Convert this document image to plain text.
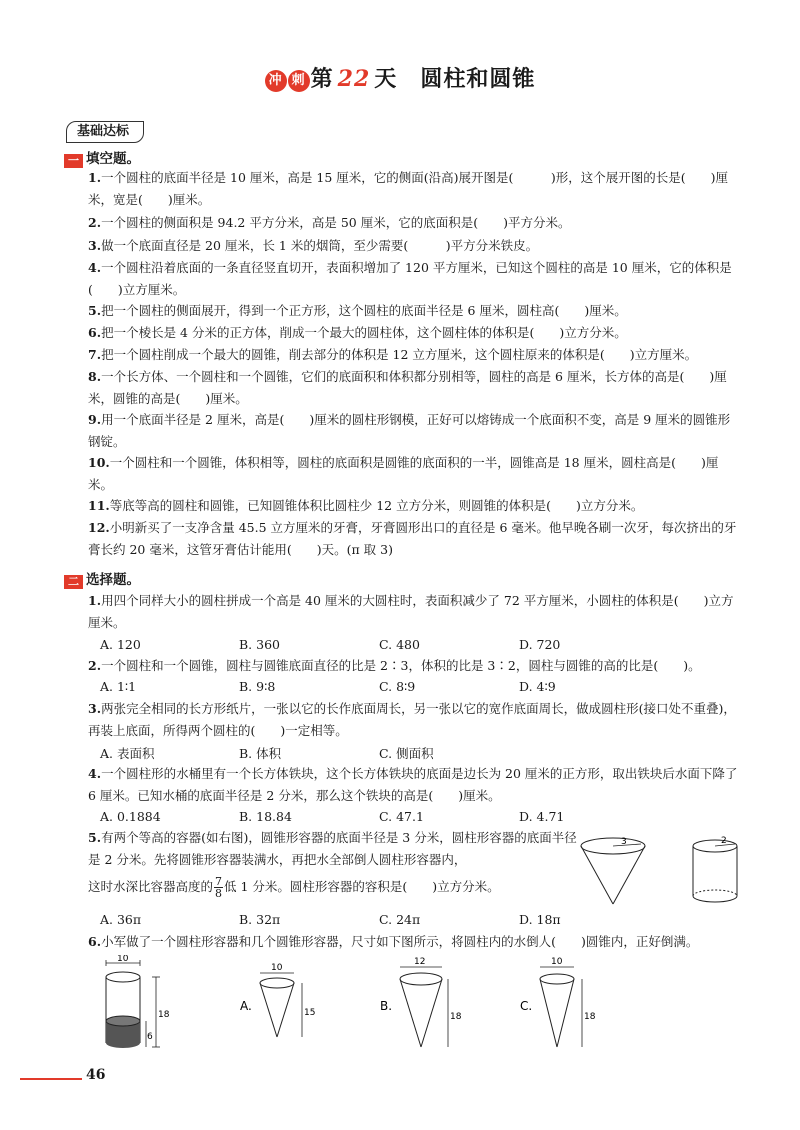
冲 刺 第 22 天　 圆柱和圆锥
基础达标
一 填空题。
1.一个圆柱的底面半径是 10 厘米，高是 15 厘米，它的侧面(沿高)展开图是(　　　)形，这个展开图的长是(　　)厘米，宽是(　　)厘米。
2.一个圆柱的侧面积是 94.2 平方分米，高是 50 厘米，它的底面积是(　　)平方分米。
3.做一个底面直径是 20 厘米，长 1 米的烟筒，至少需要(　　　)平方分米铁皮。
4.一个圆柱沿着底面的一条直径竖直切开，表面积增加了 120 平方厘米，已知这个圆柱的高是 10 厘米，它的体积是(　　)立方厘米。
5.把一个圆柱的侧面展开，得到一个正方形，这个圆柱的底面半径是 6 厘米，圆柱高(　　)厘米。
6.把一个棱长是 4 分米的正方体，削成一个最大的圆柱体，这个圆柱体的体积是(　　)立方分米。
7.把一个圆柱削成一个最大的圆锥，削去部分的体积是 12 立方厘米，这个圆柱原来的体积是(　　)立方厘米。
8.一个长方体、一个圆柱和一个圆锥，它们的底面积和体积都分别相等，圆柱的高是 6 厘米，长方体的高是(　　)厘米，圆锥的高是(　　)厘米。
9.用一个底面半径是 2 厘米，高是(　　)厘米的圆柱形钢模，正好可以熔铸成一个底面积不变，高是 9 厘米的圆锥形钢锭。
10.一个圆柱和一个圆锥，体积相等，圆柱的底面积是圆锥的底面积的一半，圆锥高是 18 厘米，圆柱高是(　　)厘米。
11.等底等高的圆柱和圆锥，已知圆锥体积比圆柱少 12 立方分米，则圆锥的体积是(　　)立方分米。
12.小明新买了一支净含量 45.5 立方厘米的牙膏，牙膏圆形出口的直径是 6 毫米。他早晚各刷一次牙，每次挤出的牙膏长约 20 毫米，这管牙膏估计能用(　　)天。(π 取 3)
二 选择题。
1.用四个同样大小的圆柱拼成一个高是 40 厘米的大圆柱时，表面积减少了 72 平方厘米，小圆柱的体积是(　　)立方厘米。
A. 120	B. 360	C. 480	D. 720
2.一个圆柱和一个圆锥，圆柱与圆锥底面直径的比是 2∶3，体积的比是 3∶2，圆柱与圆锥的高的比是(　　)。
A. 1∶1	B. 9∶8	C. 8∶9	D. 4∶9
3.两张完全相同的长方形纸片，一张以它的长作底面周长，另一张以它的宽作底面周长，做成圆柱形(接口处不重叠)，再装上底面，所得两个圆柱的(　　)一定相等。
A. 表面积	B. 体积	C. 侧面积
4.一个圆柱形的水桶里有一个长方体铁块，这个长方体铁块的底面是边长为 20 厘米的正方形，取出铁块后水面下降了 6 厘米。已知水桶的底面半径是 2 分米，那么这个铁块的高是(　　)厘米。
A. 0.1884	B. 18.84	C. 47.1	D. 4.71
5.有两个等高的容器(如右图)，圆锥形容器的底面半径是 3 分米，圆柱形容器的底面半径是 2 分米。先将圆锥形容器装满水，再把水全部倒人圆柱形容器内，
这时水深比容器高度的 $\frac{7}{8}$ 低 1 分米。圆柱形容器的容积是(　　)立方分米。
A. 36π	B. 32π	C. 24π	D. 18π
3	2
6.小军做了一个圆柱形容器和几个圆锥形容器，尺寸如下图所示，将圆柱内的水倒人(　　)圆锥内，正好倒满。
10
18
6
A.
10
15	B.
12
18
C.
10
18
46
